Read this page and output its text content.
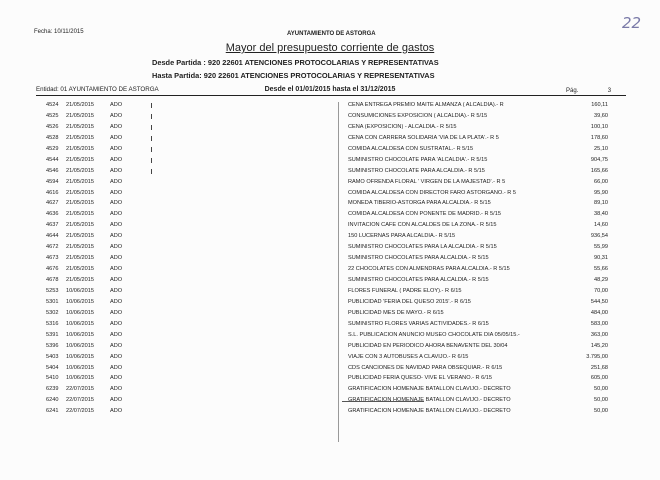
Fecha: 10/11/2015	AYUNTAMIENTO DE ASTORGA
22
Mayor del presupuesto corriente de gastos
Desde Partida : 920 22601 ATENCIONES PROTOCOLARIAS Y REPRESENTATIVAS
Hasta Partida: 920 22601 ATENCIONES PROTOCOLARIAS Y REPRESENTATIVAS
Entidad: 01 AYUNTAMIENTO DE ASTORGA	Desde el 01/01/2015 hasta el 31/12/2015	Pág.	3
4524 21/05/2015	ADO	CENA ENTREGA PREMIO MAITE ALMANZA ( ALCALDIA).- R	160,11
4525 21/05/2015	ADO	CONSUMICIONES EXPOSICION ( ALCALDIA).- R 5/15	39,60
4526 21/05/2015	ADO	CENA (EXPOSICION) - ALCALDIA.- R 5/15	100,10
4528 21/05/2015	ADO	CENA CON CARRERA SOLIDARIA 'VIA DE LA PLATA'.- R 5	178,60
4529 21/05/2015	ADO	COMIDA ALCALDESA CON SUSTRATAL.- R 5/15	25,10
4544 21/05/2015	ADO	SUMINISTRO CHOCOLATE PARA 'ALCALDIA'.- R 5/15	904,75
4546 21/05/2015	ADO	SUMINISTRO CHOCOLATE PARA ALCALDIA.- R 5/15	165,66
4594 21/05/2015	ADO	RAMO OFRENDA FLORAL ' VIRGEN DE LA MAJESTAD'.- R 5	66,00
4616 21/05/2015	ADO	COMIDA ALCALDESA CON DIRECTOR FARO ASTORGANO.- R 5	95,90
4627 21/05/2015	ADO	MONEDA TIBERIO-ASTORGA PARA ALCALDIA.- R 5/15	89,10
4636 21/05/2015	ADO	COMIDA ALCALDESA CON PONENTE DE MADRID.- R 5/15	38,40
4637 21/05/2015	ADO	INVITACION CAFE CON ALCALDES DE LA ZONA.- R 5/15	14,60
4644 21/05/2015	ADO	150 LUCERNAS PARA ALCALDIA.- R 5/15	936,54
4672 21/05/2015	ADO	SUMINISTRO CHOCOLATES PARA LA ALCALDIA.- R 5/15	55,99
4673 21/05/2015	ADO	SUMINISTRO CHOCOLATES PARA ALCALDIA.- R 5/15	90,31
4676 21/05/2015	ADO	22 CHOCOLATES CON ALMENDRAS PARA ALCALDIA.- R 5/15	55,66
4678 21/05/2015	ADO	SUMINISTRO CHOCOLATES PARA ALCALDIA.- R 5/15	48,29
5253 10/06/2015	ADO	FLORES FUNERAL ( PADRE ELOY).- R 6/15	70,00
5301 10/06/2015	ADO	PUBLICIDAD 'FERIA DEL QUESO 2015'.- R 6/15	544,50
5302 10/06/2015	ADO	PUBLICIDAD MES DE MAYO.- R 6/15	484,00
5316 10/06/2015	ADO	SUMINISTRO FLORES VARIAS ACTIVIDADES.- R 6/15	583,00
5391 10/06/2015	ADO	S.L. PUBLICACION ANUNCIO MUSEO CHOCOLATE DIA 05/05/15.-	363,00
5396 10/06/2015	ADO	PUBLICIDAD EN PERIODICO AHORA BENAVENTE DEL 30/04	145,20
5403 10/06/2015	ADO	VIAJE CON 3 AUTOBUSES A CLAVIJO.- R 6/15	3.795,00
5404 10/06/2015	ADO	CDS CANCIONES DE NAVIDAD PARA OBSEQUIAR.- R 6/15	251,68
5410 10/06/2015	ADO	PUBLICIDAD FERIA QUESO- VIVE EL VERANO.- R 6/15	605,00
6239 22/07/2015	ADO	GRATIFICACION HOMENAJE BATALLON CLAVIJO.- DECRETO	50,00
6240 22/07/2015	ADO	GRATIFICACION HOMENAJE BATALLON CLAVIJO.- DECRETO	50,00
6241 22/07/2015	ADO	GRATIFICACION HOMENAJE BATALLON CLAVIJO.- DECRETO	50,00
